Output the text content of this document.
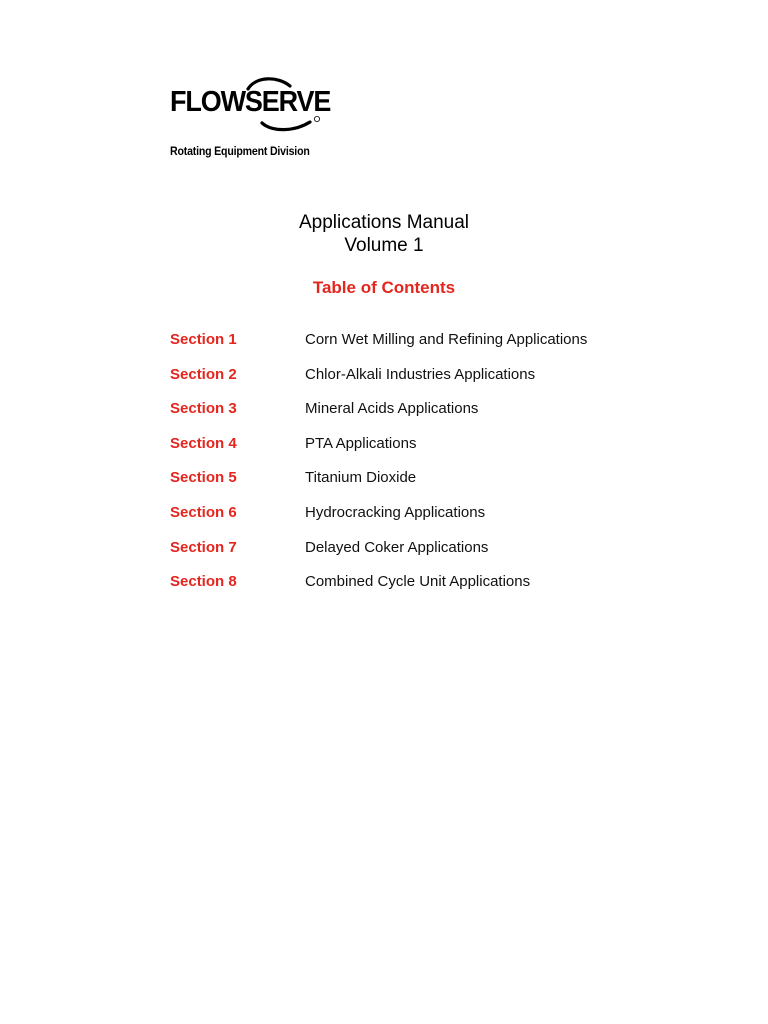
FLOWSERVE
Rotating Equipment Division
Applications Manual
Volume 1
Table of Contents
Section 1	Corn Wet Milling and Refining Applications
Section 2	Chlor-Alkali Industries Applications
Section 3	Mineral Acids Applications
Section 4	PTA Applications
Section 5	Titanium Dioxide
Section 6	Hydrocracking Applications
Section 7	Delayed Coker Applications
Section 8	Combined Cycle Unit Applications
